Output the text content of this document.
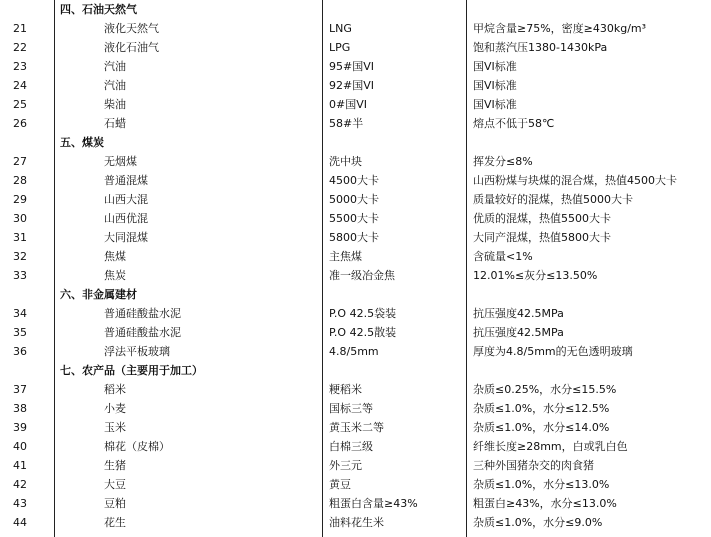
四、石油天然气
21	液化天然气	LNG	甲烷含量≥75%，密度≥430kg/m³
22	液化石油气	LPG	饱和蒸汽压1380-1430kPa
23	汽油	95#国VI	国VI标准
24	汽油	92#国VI	国VI标准
25	柴油	0#国VI	国VI标准
26	石蜡	58#半	熔点不低于58℃
五、煤炭
27	无烟煤	洗中块	挥发分≤8%
28	普通混煤	4500大卡	山西粉煤与块煤的混合煤，热值4500大卡
29	山西大混	5000大卡	质量较好的混煤，热值5000大卡
30	山西优混	5500大卡	优质的混煤，热值5500大卡
31	大同混煤	5800大卡	大同产混煤，热值5800大卡
32	焦煤	主焦煤	含硫量<1%
33	焦炭	准一级冶金焦	12.01%≤灰分≤13.50%
六、非金属建材
34	普通硅酸盐水泥	P.O 42.5袋装	抗压强度42.5MPa
35	普通硅酸盐水泥	P.O 42.5散装	抗压强度42.5MPa
36	浮法平板玻璃	4.8/5mm	厚度为4.8/5mm的无色透明玻璃
七、农产品（主要用于加工）
37	稻米	粳稻米	杂质≤0.25%，水分≤15.5%
38	小麦	国标三等	杂质≤1.0%，水分≤12.5%
39	玉米	黄玉米二等	杂质≤1.0%，水分≤14.0%
40	棉花（皮棉）	白棉三级	纤维长度≥28mm，白或乳白色
41	生猪	外三元	三种外国猪杂交的肉食猪
42	大豆	黄豆	杂质≤1.0%，水分≤13.0%
43	豆粕	粗蛋白含量≥43%	粗蛋白≥43%，水分≤13.0%
44	花生	油料花生米	杂质≤1.0%，水分≤9.0%
